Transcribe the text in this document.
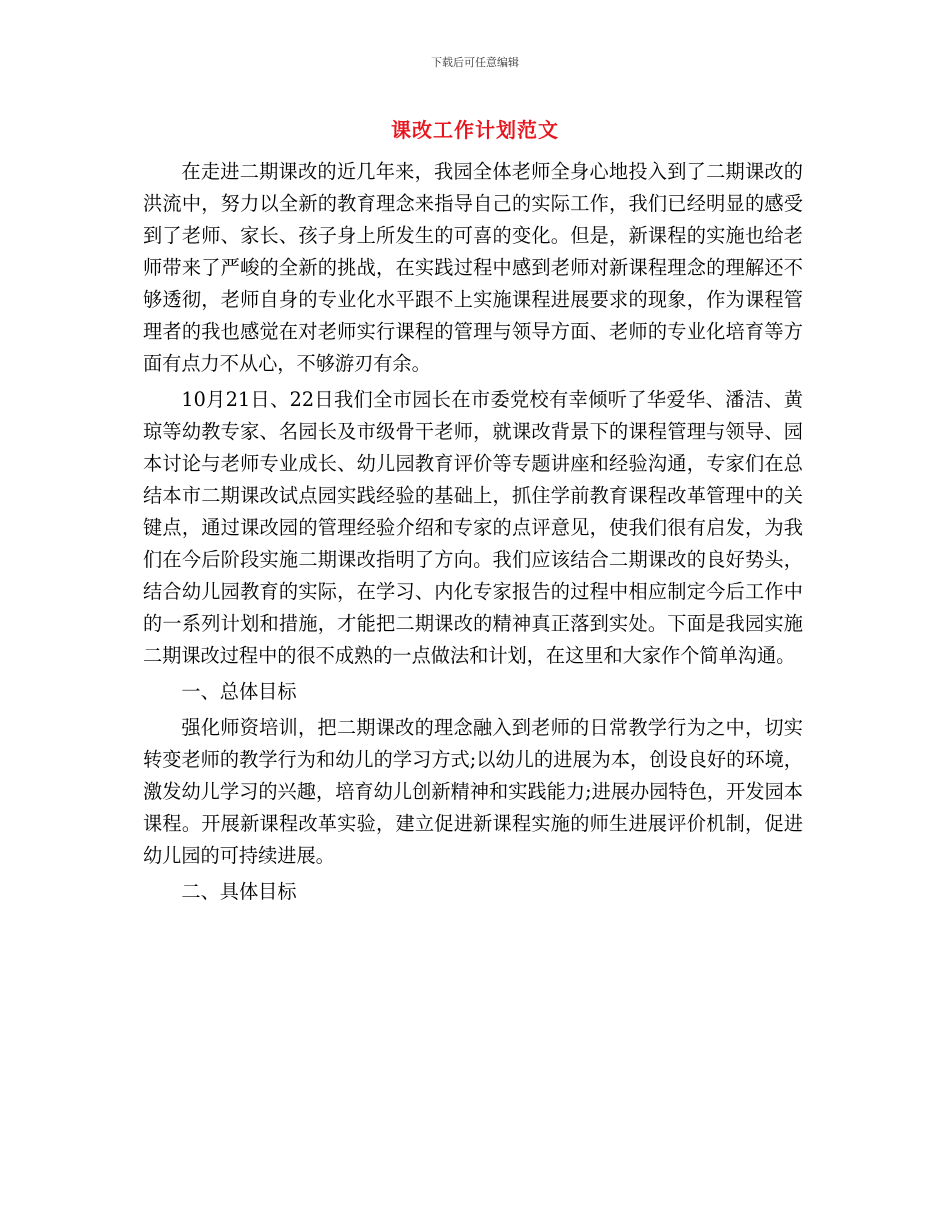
下载后可任意编辑
课改工作计划范文

在走进二期课改的近几年来，我园全体老师全身心地投入到了二期课改的洪流中，努力以全新的教育理念来指导自己的实际工作，我们已经明显的感受到了老师、家长、孩子身上所发生的可喜的变化。但是，新课程的实施也给老师带来了严峻的全新的挑战，在实践过程中感到老师对新课程理念的理解还不够透彻，老师自身的专业化水平跟不上实施课程进展要求的现象，作为课程管理者的我也感觉在对老师实行课程的管理与领导方面、老师的专业化培育等方面有点力不从心，不够游刃有余。

10月21日、22日我们全市园长在市委党校有幸倾听了华爱华、潘洁、黄琼等幼教专家、名园长及市级骨干老师，就课改背景下的课程管理与领导、园本讨论与老师专业成长、幼儿园教育评价等专题讲座和经验沟通，专家们在总结本市二期课改试点园实践经验的基础上，抓住学前教育课程改革管理中的关键点，通过课改园的管理经验介绍和专家的点评意见，使我们很有启发，为我们在今后阶段实施二期课改指明了方向。我们应该结合二期课改的良好势头，结合幼儿园教育的实际，在学习、内化专家报告的过程中相应制定今后工作中的一系列计划和措施，才能把二期课改的精神真正落到实处。下面是我园实施二期课改过程中的很不成熟的一点做法和计划，在这里和大家作个简单沟通。

一、总体目标

强化师资培训，把二期课改的理念融入到老师的日常教学行为之中，切实转变老师的教学行为和幼儿的学习方式;以幼儿的进展为本，创设良好的环境，激发幼儿学习的兴趣，培育幼儿创新精神和实践能力;进展办园特色，开发园本课程。开展新课程改革实验，建立促进新课程实施的师生进展评价机制，促进幼儿园的可持续进展。

二、具体目标
